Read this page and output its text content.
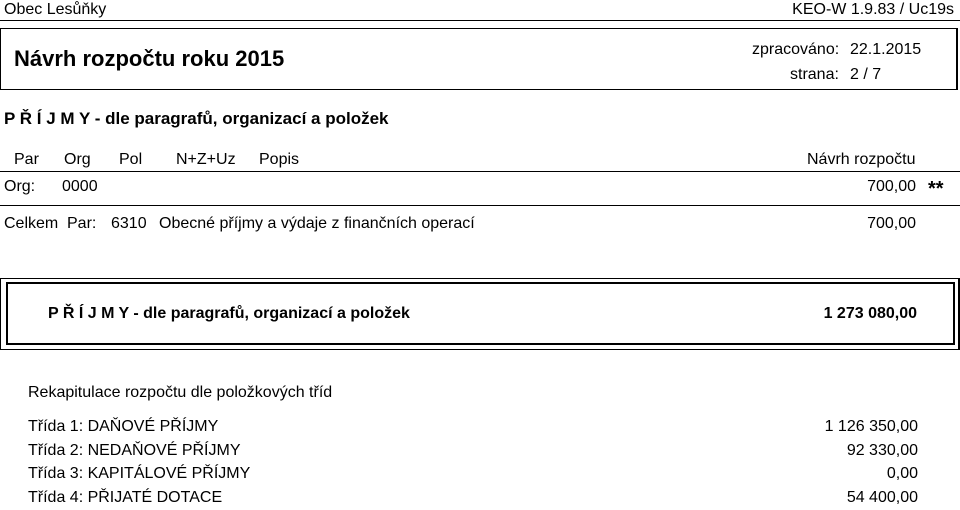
Obec Lesůňky	KEO-W 1.9.83 / Uc19s
Návrh rozpočtu roku 2015	zpracováno: 22.1.2015
strana: 2 / 7
P Ř Í J M Y - dle paragrafů, organizací a položek
Par Org Pol N+Z+Uz Popis	Návrh rozpočtu
Org: 0000	700,00 **
Celkem Par: 6310 Obecné příjmy a výdaje z finančních operací	700,00
P Ř Í J M Y - dle paragrafů, organizací a položek	1 273 080,00
Rekapitulace rozpočtu dle položkových tříd
Třída 1: DAŇOVÉ PŘÍJMY	1 126 350,00
Třída 2: NEDAŇOVÉ PŘÍJMY	92 330,00
Třída 3: KAPITÁLOVÉ PŘÍJMY	0,00
Třída 4: PŘIJATÉ DOTACE	54 400,00
